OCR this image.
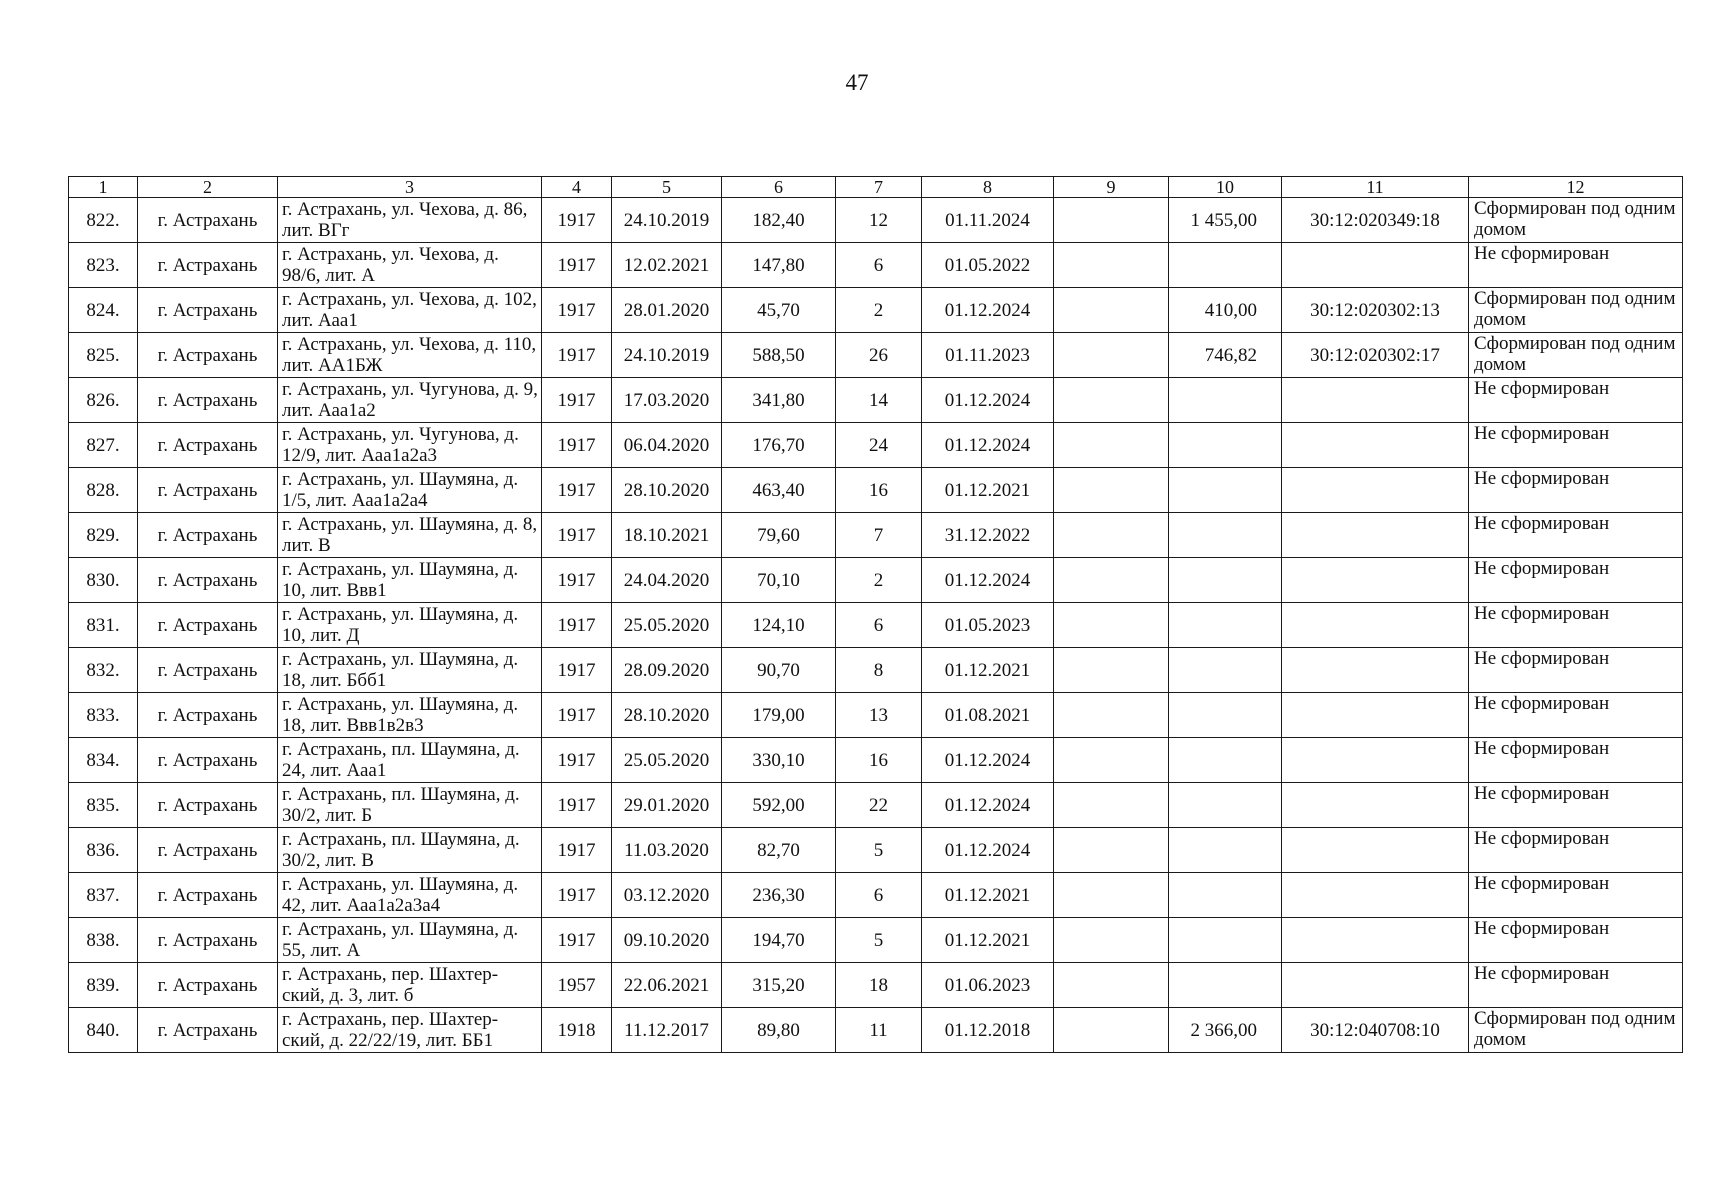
47
1	2	3	4	5	6	7	8	9	10	11	12
822.	г. Астрахань	г. Астрахань, ул. Чехова, д. 86, лит. ВГг	1917	24.10.2019	182,40	12	01.11.2024		1 455,00	30:12:020349:18	Сформирован под одним домом
823.	г. Астрахань	г. Астрахань, ул. Чехова, д. 98/6, лит. А	1917	12.02.2021	147,80	6	01.05.2022				Не сформирован
824.	г. Астрахань	г. Астрахань, ул. Чехова, д. 102, лит. Ааа1	1917	28.01.2020	45,70	2	01.12.2024		410,00	30:12:020302:13	Сформирован под одним домом
825.	г. Астрахань	г. Астрахань, ул. Чехова, д. 110, лит. АА1БЖ	1917	24.10.2019	588,50	26	01.11.2023		746,82	30:12:020302:17	Сформирован под одним домом
826.	г. Астрахань	г. Астрахань, ул. Чугунова, д. 9, лит. Ааа1а2	1917	17.03.2020	341,80	14	01.12.2024				Не сформирован
827.	г. Астрахань	г. Астрахань, ул. Чугунова, д. 12/9, лит. Ааа1а2а3	1917	06.04.2020	176,70	24	01.12.2024				Не сформирован
828.	г. Астрахань	г. Астрахань, ул. Шаумяна, д. 1/5, лит. Ааа1а2а4	1917	28.10.2020	463,40	16	01.12.2021				Не сформирован
829.	г. Астрахань	г. Астрахань, ул. Шаумяна, д. 8, лит. В	1917	18.10.2021	79,60	7	31.12.2022				Не сформирован
830.	г. Астрахань	г. Астрахань, ул. Шаумяна, д. 10, лит. Ввв1	1917	24.04.2020	70,10	2	01.12.2024				Не сформирован
831.	г. Астрахань	г. Астрахань, ул. Шаумяна, д. 10, лит. Д	1917	25.05.2020	124,10	6	01.05.2023				Не сформирован
832.	г. Астрахань	г. Астрахань, ул. Шаумяна, д. 18, лит. Ббб1	1917	28.09.2020	90,70	8	01.12.2021				Не сформирован
833.	г. Астрахань	г. Астрахань, ул. Шаумяна, д. 18, лит. Ввв1в2в3	1917	28.10.2020	179,00	13	01.08.2021				Не сформирован
834.	г. Астрахань	г. Астрахань, пл. Шаумяна, д. 24, лит. Ааа1	1917	25.05.2020	330,10	16	01.12.2024				Не сформирован
835.	г. Астрахань	г. Астрахань, пл. Шаумяна, д. 30/2, лит. Б	1917	29.01.2020	592,00	22	01.12.2024				Не сформирован
836.	г. Астрахань	г. Астрахань, пл. Шаумяна, д. 30/2, лит. В	1917	11.03.2020	82,70	5	01.12.2024				Не сформирован
837.	г. Астрахань	г. Астрахань, ул. Шаумяна, д. 42, лит. Ааа1а2а3а4	1917	03.12.2020	236,30	6	01.12.2021				Не сформирован
838.	г. Астрахань	г. Астрахань, ул. Шаумяна, д. 55, лит. А	1917	09.10.2020	194,70	5	01.12.2021				Не сформирован
839.	г. Астрахань	г. Астрахань, пер. Шахтер-ский, д. 3, лит. б	1957	22.06.2021	315,20	18	01.06.2023				Не сформирован
840.	г. Астрахань	г. Астрахань, пер. Шахтер-ский, д. 22/22/19, лит. ББ1	1918	11.12.2017	89,80	11	01.12.2018		2 366,00	30:12:040708:10	Сформирован под одним домом
